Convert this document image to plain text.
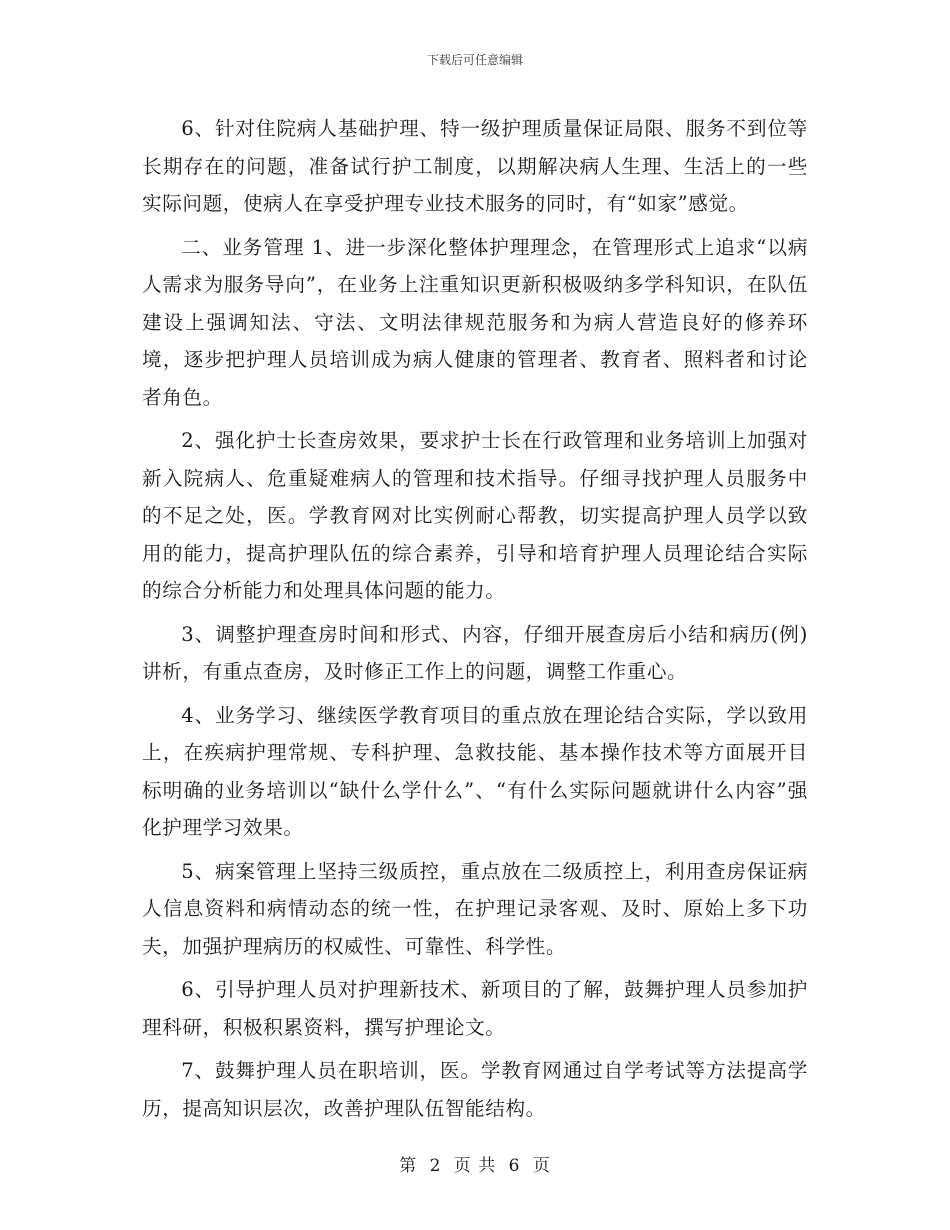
下载后可任意编辑

6、针对住院病人基础护理、特一级护理质量保证局限、服务不到位等长期存在的问题，准备试行护工制度，以期解决病人生理、生活上的一些实际问题，使病人在享受护理专业技术服务的同时，有“如家”感觉。

二、业务管理 1、进一步深化整体护理理念，在管理形式上追求“以病人需求为服务导向”，在业务上注重知识更新积极吸纳多学科知识，在队伍建设上强调知法、守法、文明法律规范服务和为病人营造良好的修养环境，逐步把护理人员培训成为病人健康的管理者、教育者、照料者和讨论者角色。

2、强化护士长查房效果，要求护士长在行政管理和业务培训上加强对新入院病人、危重疑难病人的管理和技术指导。仔细寻找护理人员服务中的不足之处，医。学教育网对比实例耐心帮教，切实提高护理人员学以致用的能力，提高护理队伍的综合素养，引导和培育护理人员理论结合实际的综合分析能力和处理具体问题的能力。

3、调整护理查房时间和形式、内容，仔细开展查房后小结和病历(例)讲析，有重点查房，及时修正工作上的问题，调整工作重心。

4、业务学习、继续医学教育项目的重点放在理论结合实际，学以致用上，在疾病护理常规、专科护理、急救技能、基本操作技术等方面展开目标明确的业务培训以“缺什么学什么”、“有什么实际问题就讲什么内容”强化护理学习效果。

5、病案管理上坚持三级质控，重点放在二级质控上，利用查房保证病人信息资料和病情动态的统一性，在护理记录客观、及时、原始上多下功夫，加强护理病历的权威性、可靠性、科学性。

6、引导护理人员对护理新技术、新项目的了解，鼓舞护理人员参加护理科研，积极积累资料，撰写护理论文。

7、鼓舞护理人员在职培训，医。学教育网通过自学考试等方法提高学历，提高知识层次，改善护理队伍智能结构。

第 2 页 共 6 页
